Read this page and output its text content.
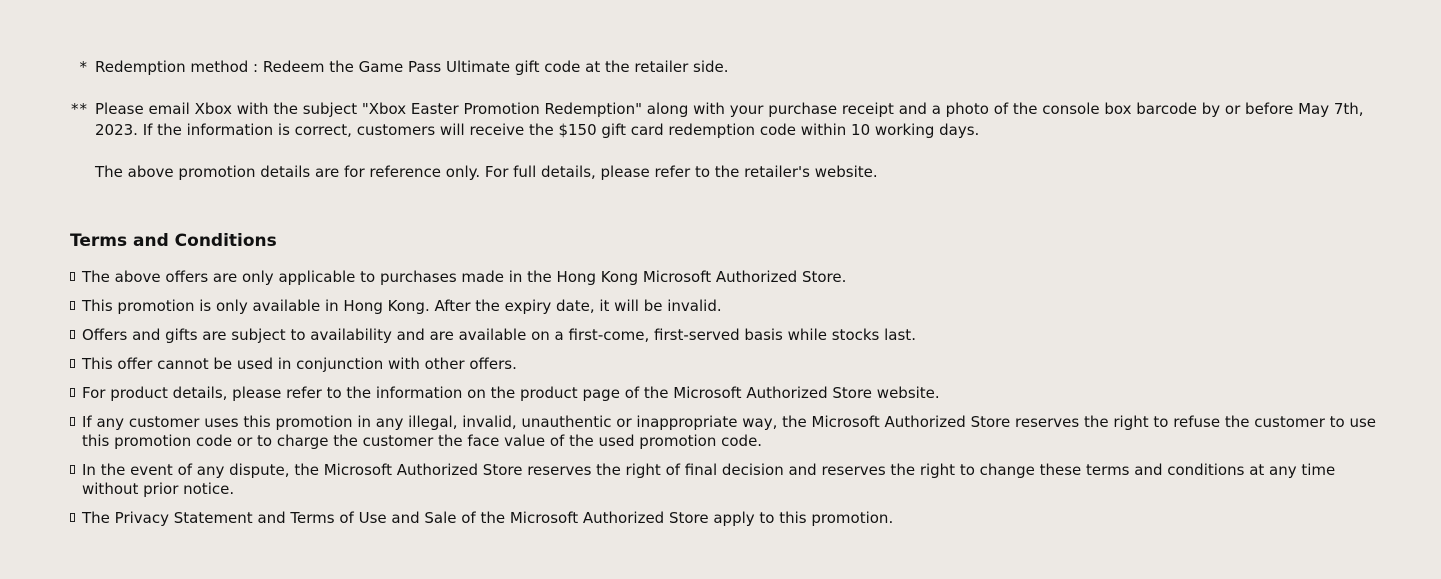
* Redemption method : Redeem the Game Pass Ultimate gift code at the retailer side.
** Please email Xbox with the subject "Xbox Easter Promotion Redemption" along with your purchase receipt and a photo of the console box barcode by or before May 7th, 2023. If the information is correct, customers will receive the $150 gift card redemption code within 10 working days.
The above promotion details are for reference only. For full details, please refer to the retailer's website.
Terms and Conditions
The above offers are only applicable to purchases made in the Hong Kong Microsoft Authorized Store.
This promotion is only available in Hong Kong. After the expiry date, it will be invalid.
Offers and gifts are subject to availability and are available on a first-come, first-served basis while stocks last.
This offer cannot be used in conjunction with other offers.
For product details, please refer to the information on the product page of the Microsoft Authorized Store website.
If any customer uses this promotion in any illegal, invalid, unauthentic or inappropriate way, the Microsoft Authorized Store reserves the right to refuse the customer to use this promotion code or to charge the customer the face value of the used promotion code.
In the event of any dispute, the Microsoft Authorized Store reserves the right of final decision and reserves the right to change these terms and conditions at any time without prior notice.
The Privacy Statement and Terms of Use and Sale of the Microsoft Authorized Store apply to this promotion.
